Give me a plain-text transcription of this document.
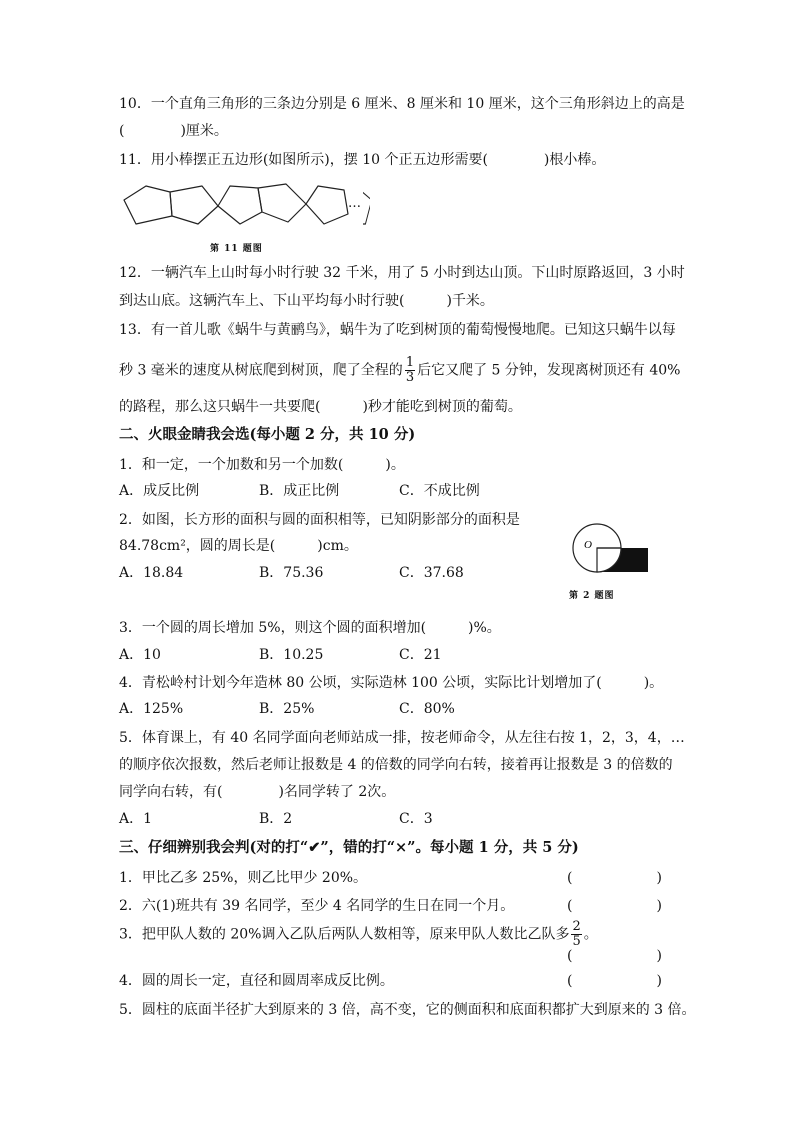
10．一个直角三角形的三条边分别是 6 厘米、8 厘米和 10 厘米，这个三角形斜边上的高是
(　　　　)厘米。
11．用小棒摆正五边形(如图所示)，摆 10 个正五边形需要(　　　　)根小棒。
…
第 11 题图
12．一辆汽车上山时每小时行驶 32 千米，用了 5 小时到达山顶。下山时原路返回，3 小时
到达山底。这辆汽车上、下山平均每小时行驶(　　　)千米。
13．有一首儿歌《蜗牛与黄鹂鸟》，蜗牛为了吃到树顶的葡萄慢慢地爬。已知这只蜗牛以每
秒 3 毫米的速度从树底爬到树顶，爬了全程的 $\frac{1}{3}$ 后它又爬了 5 分钟，发现离树顶还有 40%
的路程，那么这只蜗牛一共要爬(　　　)秒才能吃到树顶的葡萄。
二、火眼金睛我会选(每小题 2 分，共 10 分)
1．和一定，一个加数和另一个加数(　　　)。
A．成反比例	B．成正比例	C．不成比例
2．如图，长方形的面积与圆的面积相等，已知阴影部分的面积是
84.78cm²，圆的周长是(　　　)cm。
A．18.84	B．75.36	C．37.68
O
第 2 题图
3．一个圆的周长增加 5%，则这个圆的面积增加(　　　)%。
A．10	B．10.25	C．21
4．青松岭村计划今年造林 80 公顷，实际造林 100 公顷，实际比计划增加了(　　　)。
A．125%	B．25%	C．80%
5．体育课上，有 40 名同学面向老师站成一排，按老师命令，从左往右按 1，2，3，4，…
的顺序依次报数，然后老师让报数是 4 的倍数的同学向右转，接着再让报数是 3 的倍数的
同学向右转，有(　　　　)名同学转了 2次。
A．1	B．2	C．3
三、仔细辨别我会判(对的打“✔”，错的打“×”。每小题 1 分，共 5 分)
1．甲比乙多 25%，则乙比甲少 20%。	(　　　　　　)
2．六(1)班共有 39 名同学，至少 4 名同学的生日在同一个月。	(　　　　　　)
3．把甲队人数的 20%调入乙队后两队人数相等，原来甲队人数比乙队多 $\frac{2}{5}$ 。
(　　　　　　)
4．圆的周长一定，直径和圆周率成反比例。	(　　　　　　)
5．圆柱的底面半径扩大到原来的 3 倍，高不变，它的侧面积和底面积都扩大到原来的 3 倍。
